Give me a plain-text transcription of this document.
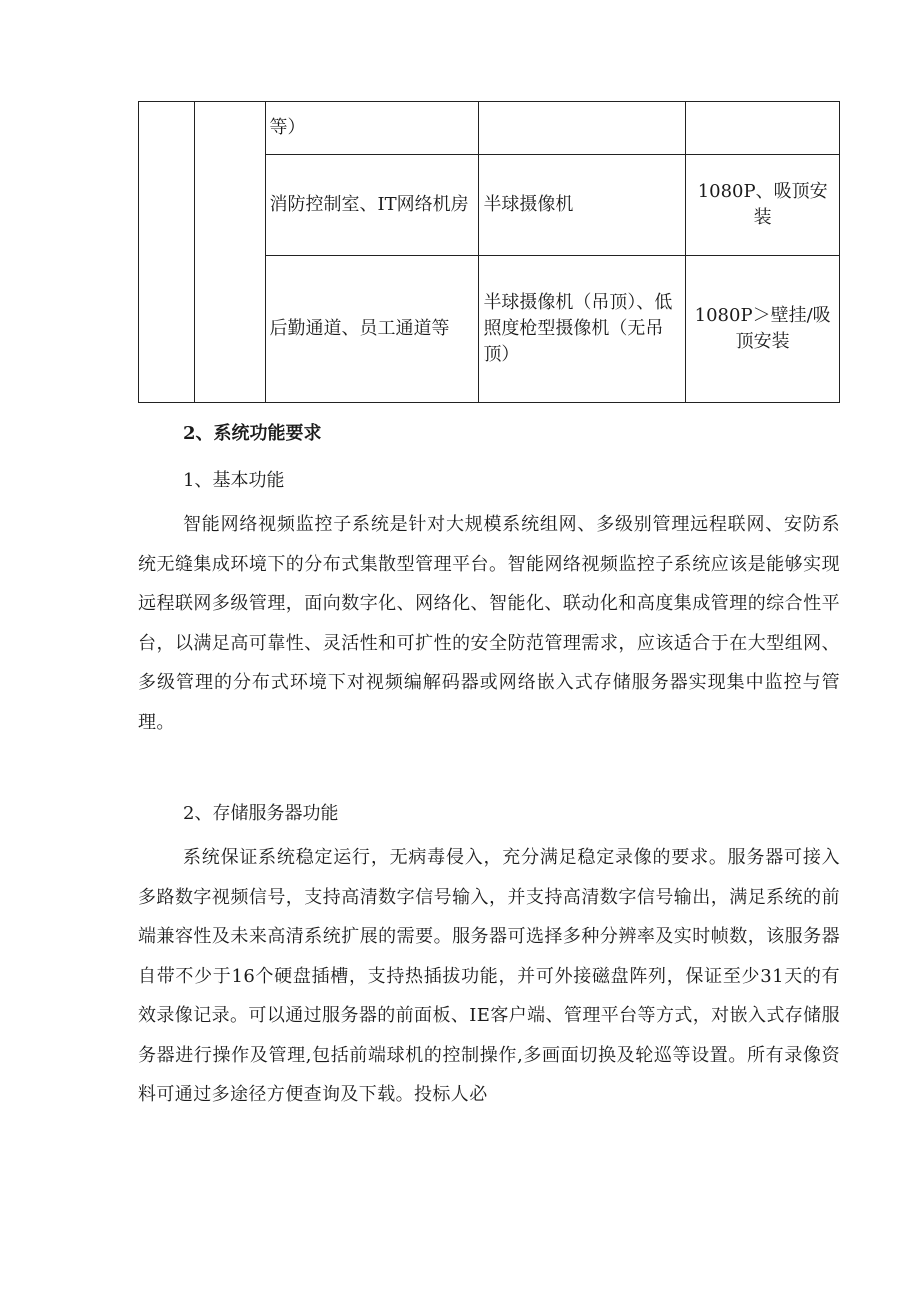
		等）		
		消防控制室、IT网络机房	半球摄像机	1080P、吸顶安装
		后勤通道、员工通道等	半球摄像机（吊顶）、低照度枪型摄像机（无吊顶）	1080P＞壁挂/吸顶安装

2、系统功能要求

1、基本功能

智能网络视频监控子系统是针对大规模系统组网、多级别管理远程联网、安防系统无缝集成环境下的分布式集散型管理平台。智能网络视频监控子系统应该是能够实现远程联网多级管理，面向数字化、网络化、智能化、联动化和高度集成管理的综合性平台，以满足高可靠性、灵活性和可扩性的安全防范管理需求，应该适合于在大型组网、多级管理的分布式环境下对视频编解码器或网络嵌入式存储服务器实现集中监控与管理。

2、存储服务器功能

系统保证系统稳定运行，无病毒侵入，充分满足稳定录像的要求。服务器可接入多路数字视频信号，支持高清数字信号输入，并支持高清数字信号输出，满足系统的前端兼容性及未来高清系统扩展的需要。服务器可选择多种分辨率及实时帧数，该服务器自带不少于16个硬盘插槽，支持热插拔功能，并可外接磁盘阵列，保证至少31天的有效录像记录。可以通过服务器的前面板、IE客户端、管理平台等方式，对嵌入式存储服务器进行操作及管理,包括前端球机的控制操作,多画面切换及轮巡等设置。所有录像资料可通过多途径方便查询及下载。投标人必
